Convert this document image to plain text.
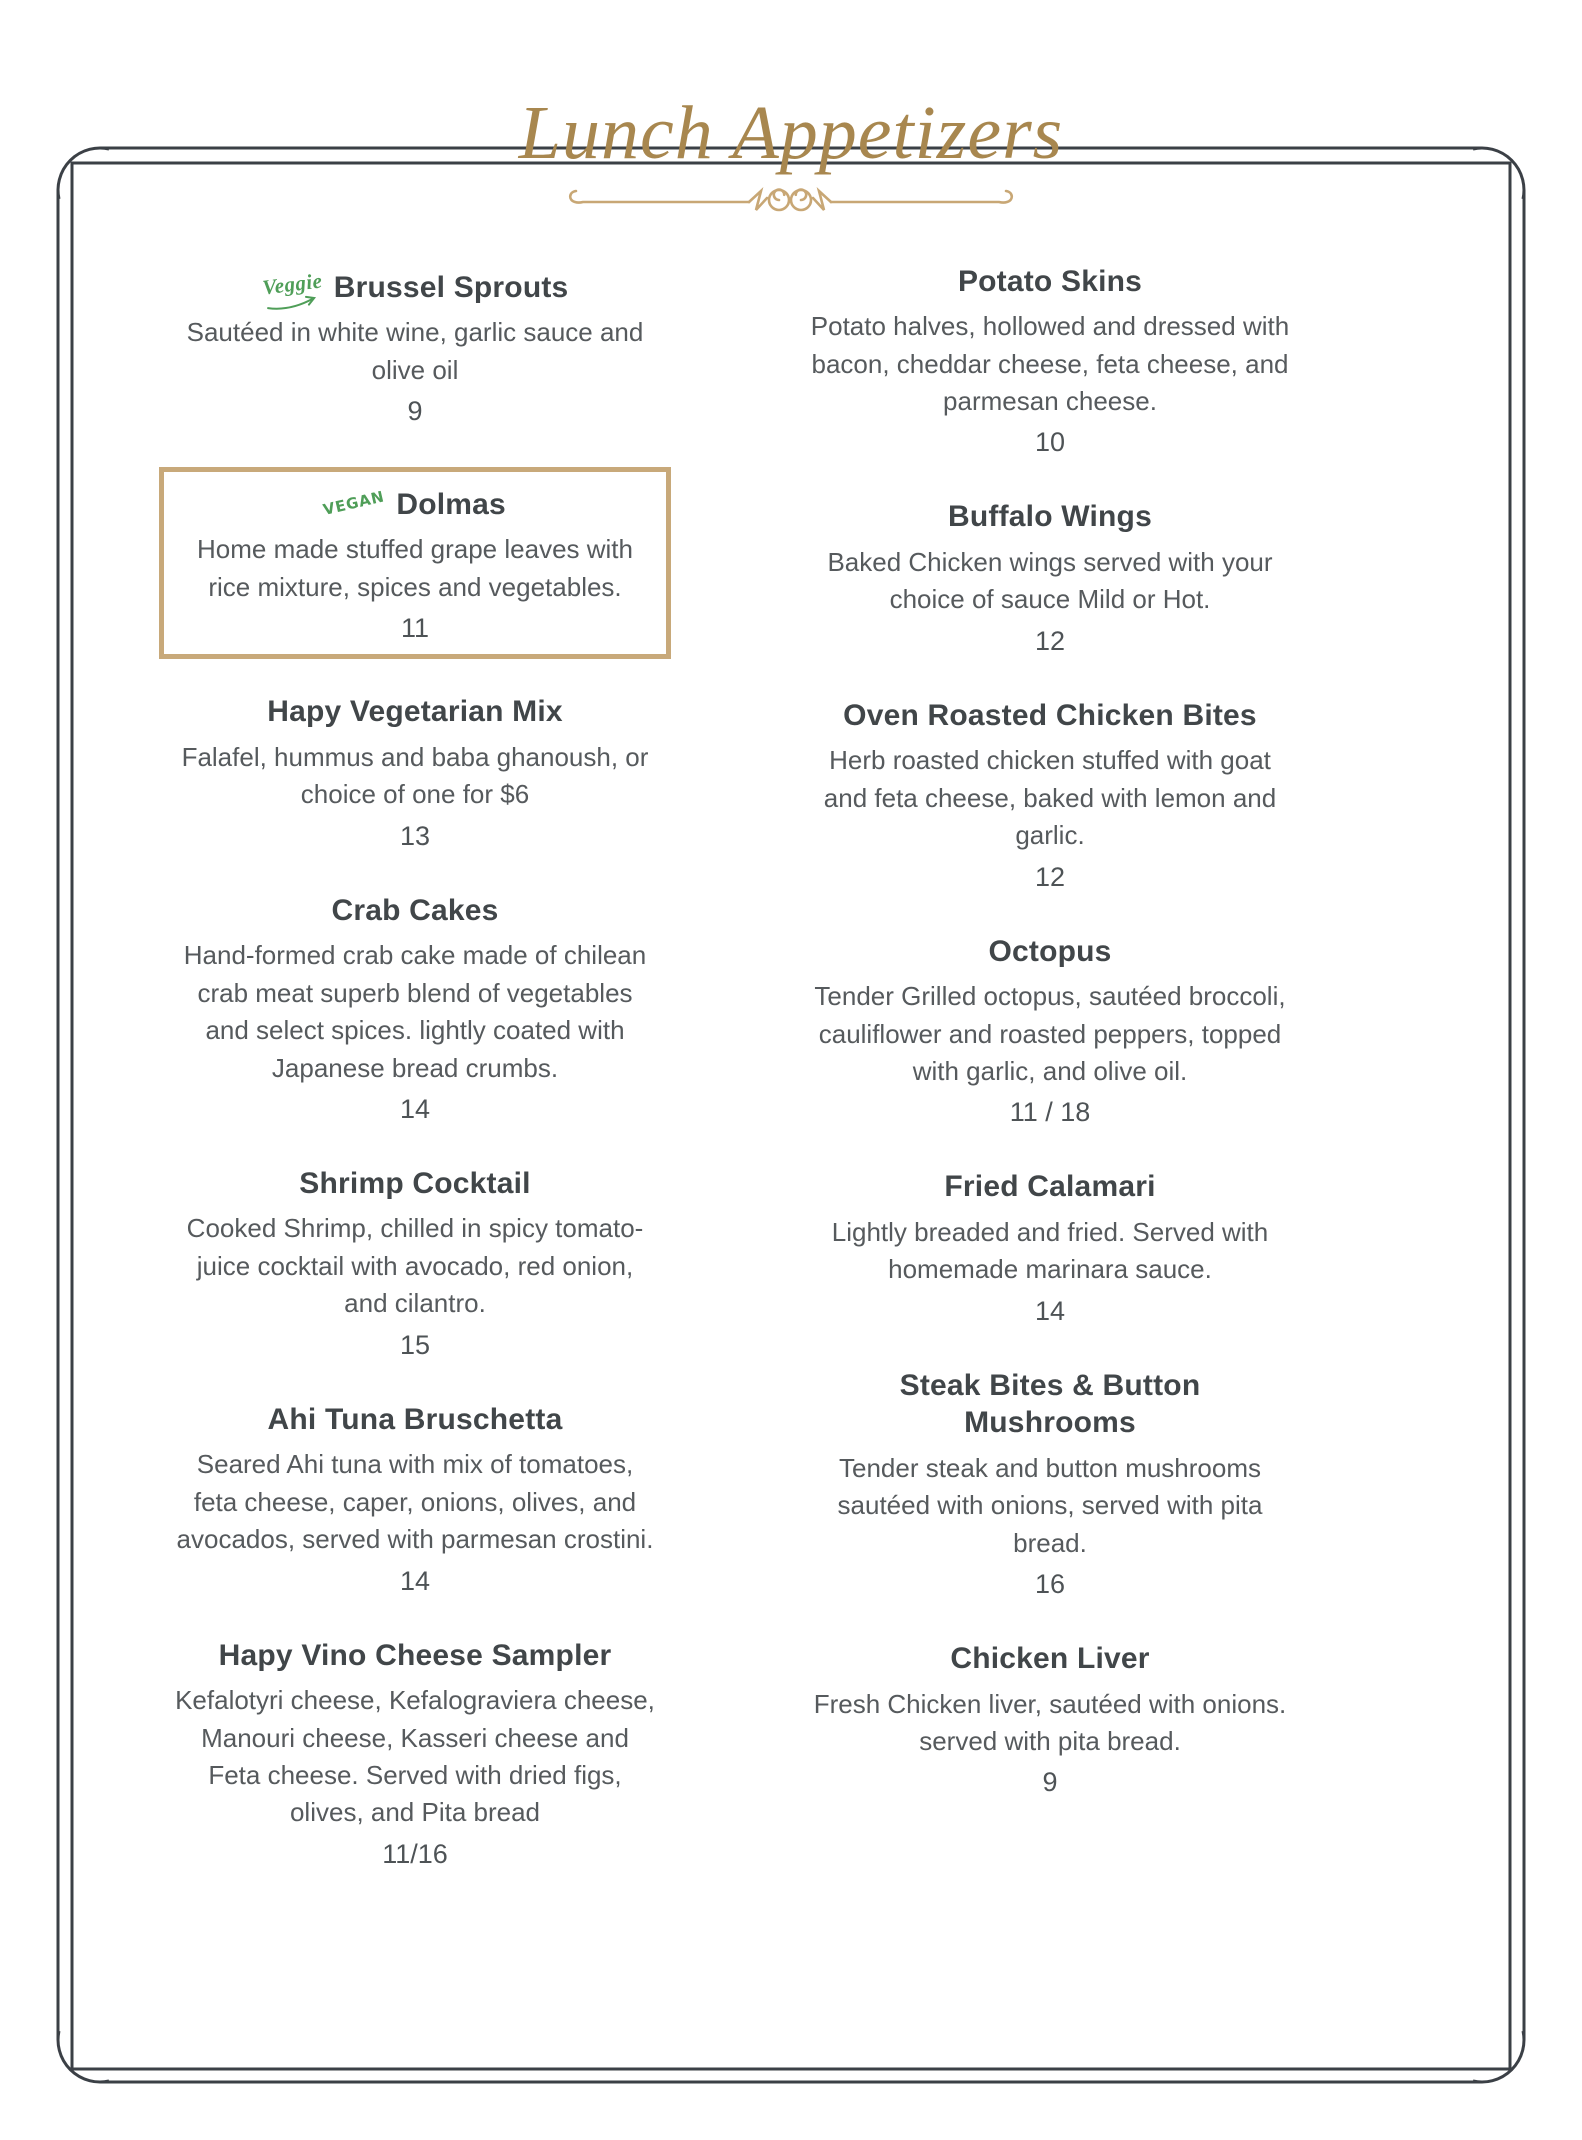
Lunch Appetizers
Veggie Brussel Sprouts

Sautéed in white wine, garlic sauce and olive oil

9
VEGAN Dolmas

Home made stuffed grape leaves with rice mixture, spices and vegetables.

11
Hapy Vegetarian Mix

Falafel, hummus and baba ghanoush, or choice of one for $6

13
Crab Cakes

Hand-formed crab cake made of chilean crab meat superb blend of vegetables and select spices. lightly coated with Japanese bread crumbs.

14
Shrimp Cocktail

Cooked Shrimp, chilled in spicy tomato-juice cocktail with avocado, red onion, and cilantro.

15
Ahi Tuna Bruschetta

Seared Ahi tuna with mix of tomatoes, feta cheese, caper, onions, olives, and avocados, served with parmesan crostini.

14
Hapy Vino Cheese Sampler

Kefalotyri cheese, Kefalograviera cheese, Manouri cheese, Kasseri cheese and Feta cheese. Served with dried figs, olives, and Pita bread

11/16
Potato Skins

Potato halves, hollowed and dressed with bacon, cheddar cheese, feta cheese, and parmesan cheese.

10
Buffalo Wings

Baked Chicken wings served with your choice of sauce Mild or Hot.

12
Oven Roasted Chicken Bites

Herb roasted chicken stuffed with goat and feta cheese, baked with lemon and garlic.

12
Octopus

Tender Grilled octopus, sautéed broccoli, cauliflower and roasted peppers, topped with garlic, and olive oil.

11 / 18
Fried Calamari

Lightly breaded and fried. Served with homemade marinara sauce.

14
Steak Bites & Button Mushrooms

Tender steak and button mushrooms sautéed with onions, served with pita bread.

16
Chicken Liver

Fresh Chicken liver, sautéed with onions. served with pita bread.

9
